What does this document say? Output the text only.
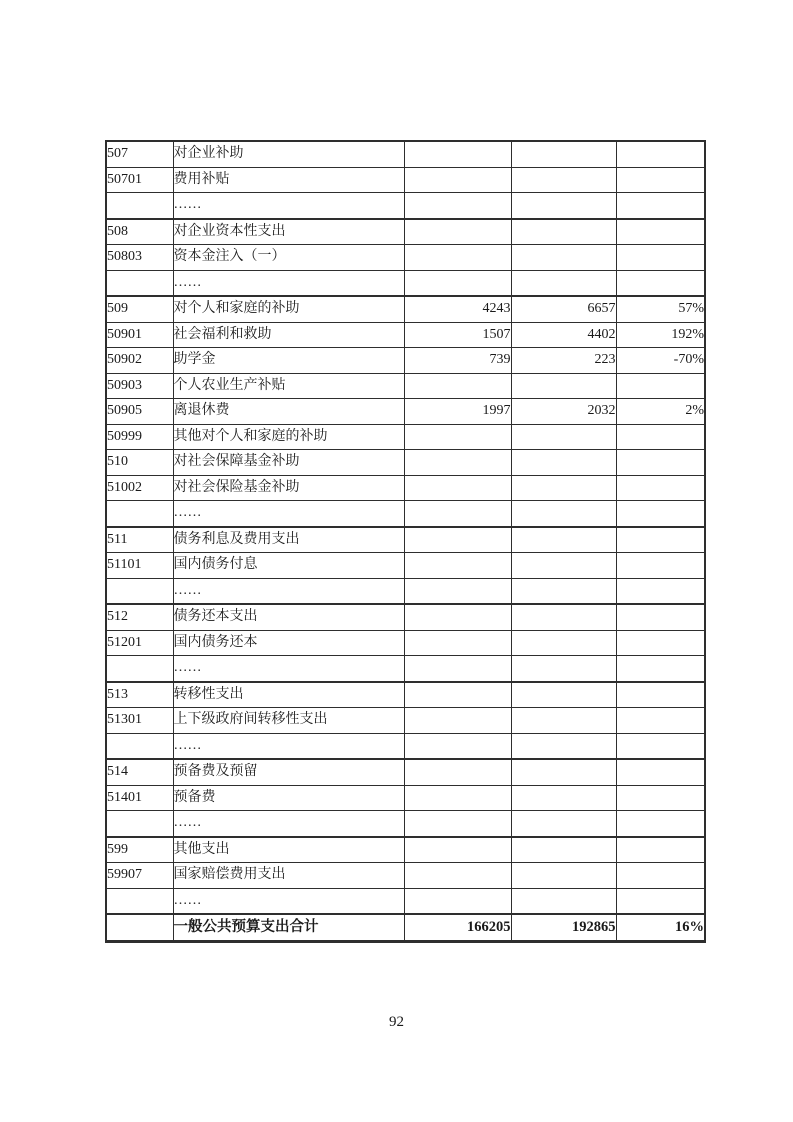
507	对企业补助			
50701	费用补贴			
	……			
508	对企业资本性支出			
50803	资本金注入（一）			
	……			
509	对个人和家庭的补助	4243	6657	57%
50901	社会福利和救助	1507	4402	192%
50902	助学金	739	223	-70%
50903	个人农业生产补贴			
50905	离退休费	1997	2032	2%
50999	其他对个人和家庭的补助			
510	对社会保障基金补助			
51002	对社会保险基金补助			
	……			
511	债务利息及费用支出			
51101	国内债务付息			
	……			
512	债务还本支出			
51201	国内债务还本			
	……			
513	转移性支出			
51301	上下级政府间转移性支出			
	……			
514	预备费及预留			
51401	预备费			
	……			
599	其他支出			
59907	国家赔偿费用支出			
	……			
	一般公共预算支出合计	166205	192865	16%
92
